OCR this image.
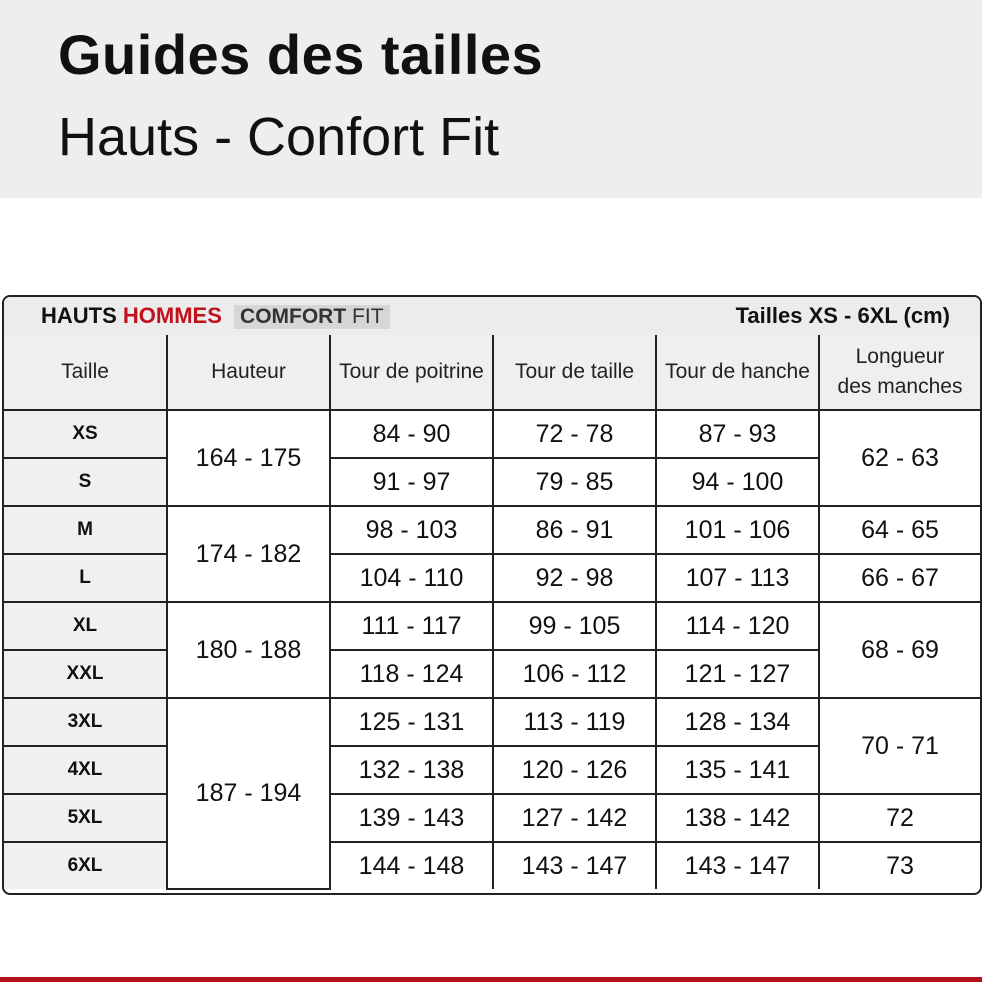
Guides des tailles
Hauts - Confort Fit
HAUTS HOMMES COMFORT FIT	Tailles XS - 6XL (cm)
Taille	Hauteur	Tour de poitrine	Tour de taille	Tour de hanche	Longueur
des manches
XS	164 - 175	84 - 90	72 - 78	87 - 93	62 - 63
S		91 - 97	79 - 85	94 - 100	
M	174 - 182	98 - 103	86 - 91	101 - 106	64 - 65
L		104 - 110	92 - 98	107 - 113	66 - 67
XL	180 - 188	111 - 117	99 - 105	114 - 120	68 - 69
XXL		118 - 124	106 - 112	121 - 127	
3XL	187 - 194	125 - 131	113 - 119	128 - 134	70 - 71
4XL		132 - 138	120 - 126	135 - 141	
5XL		139 - 143	127 - 142	138 - 142	72
6XL		144 - 148	143 - 147	143 - 147	73
